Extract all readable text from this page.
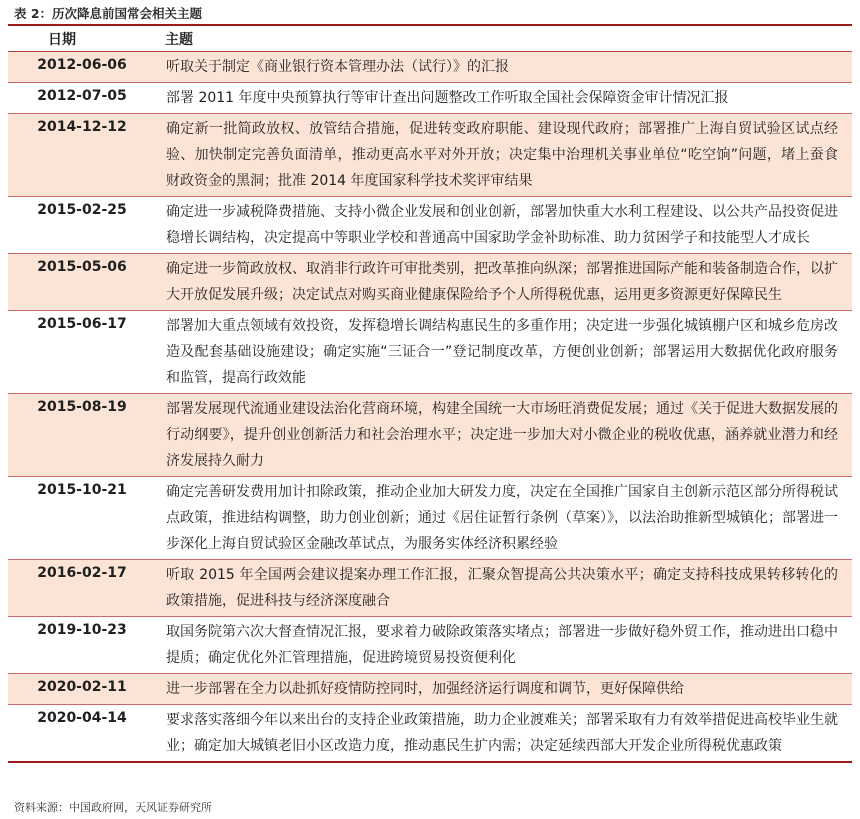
表 2：历次降息前国常会相关主题
日期	主题
2012-06-06	听取关于制定《商业银行资本管理办法（试行）》的汇报
2012-07-05	部署 2011 年度中央预算执行等审计查出问题整改工作听取全国社会保障资金审计情况汇报
2014-12-12	确定新一批简政放权、放管结合措施，促进转变政府职能、建设现代政府；部署推广上海自贸试验区试点经验、加快制定完善负面清单，推动更高水平对外开放；决定集中治理机关事业单位“吃空饷”问题，堵上蚕食财政资金的黑洞；批准 2014 年度国家科学技术奖评审结果
2015-02-25	确定进一步减税降费措施、支持小微企业发展和创业创新，部署加快重大水利工程建设、以公共产品投资促进稳增长调结构，决定提高中等职业学校和普通高中国家助学金补助标准、助力贫困学子和技能型人才成长
2015-05-06	确定进一步简政放权、取消非行政许可审批类别，把改革推向纵深；部署推进国际产能和装备制造合作，以扩大开放促发展升级；决定试点对购买商业健康保险给予个人所得税优惠，运用更多资源更好保障民生
2015-06-17	部署加大重点领域有效投资，发挥稳增长调结构惠民生的多重作用；决定进一步强化城镇棚户区和城乡危房改造及配套基础设施建设；确定实施“三证合一”登记制度改革，方便创业创新；部署运用大数据优化政府服务和监管，提高行政效能
2015-08-19	部署发展现代流通业建设法治化营商环境，构建全国统一大市场旺消费促发展；通过《关于促进大数据发展的行动纲要》，提升创业创新活力和社会治理水平；决定进一步加大对小微企业的税收优惠，涵养就业潜力和经济发展持久耐力
2015-10-21	确定完善研发费用加计扣除政策，推动企业加大研发力度，决定在全国推广国家自主创新示范区部分所得税试点政策，推进结构调整，助力创业创新；通过《居住证暂行条例（草案）》，以法治助推新型城镇化；部署进一步深化上海自贸试验区金融改革试点，为服务实体经济积累经验
2016-02-17	听取 2015 年全国两会建议提案办理工作汇报，汇聚众智提高公共决策水平；确定支持科技成果转移转化的政策措施，促进科技与经济深度融合
2019-10-23	取国务院第六次大督查情况汇报，要求着力破除政策落实堵点；部署进一步做好稳外贸工作，推动进出口稳中提质；确定优化外汇管理措施，促进跨境贸易投资便利化
2020-02-11	进一步部署在全力以赴抓好疫情防控同时，加强经济运行调度和调节，更好保障供给
2020-04-14	要求落实落细今年以来出台的支持企业政策措施，助力企业渡难关；部署采取有力有效举措促进高校毕业生就业；确定加大城镇老旧小区改造力度，推动惠民生扩内需；决定延续西部大开发企业所得税优惠政策
资料来源：中国政府网，天风证券研究所
